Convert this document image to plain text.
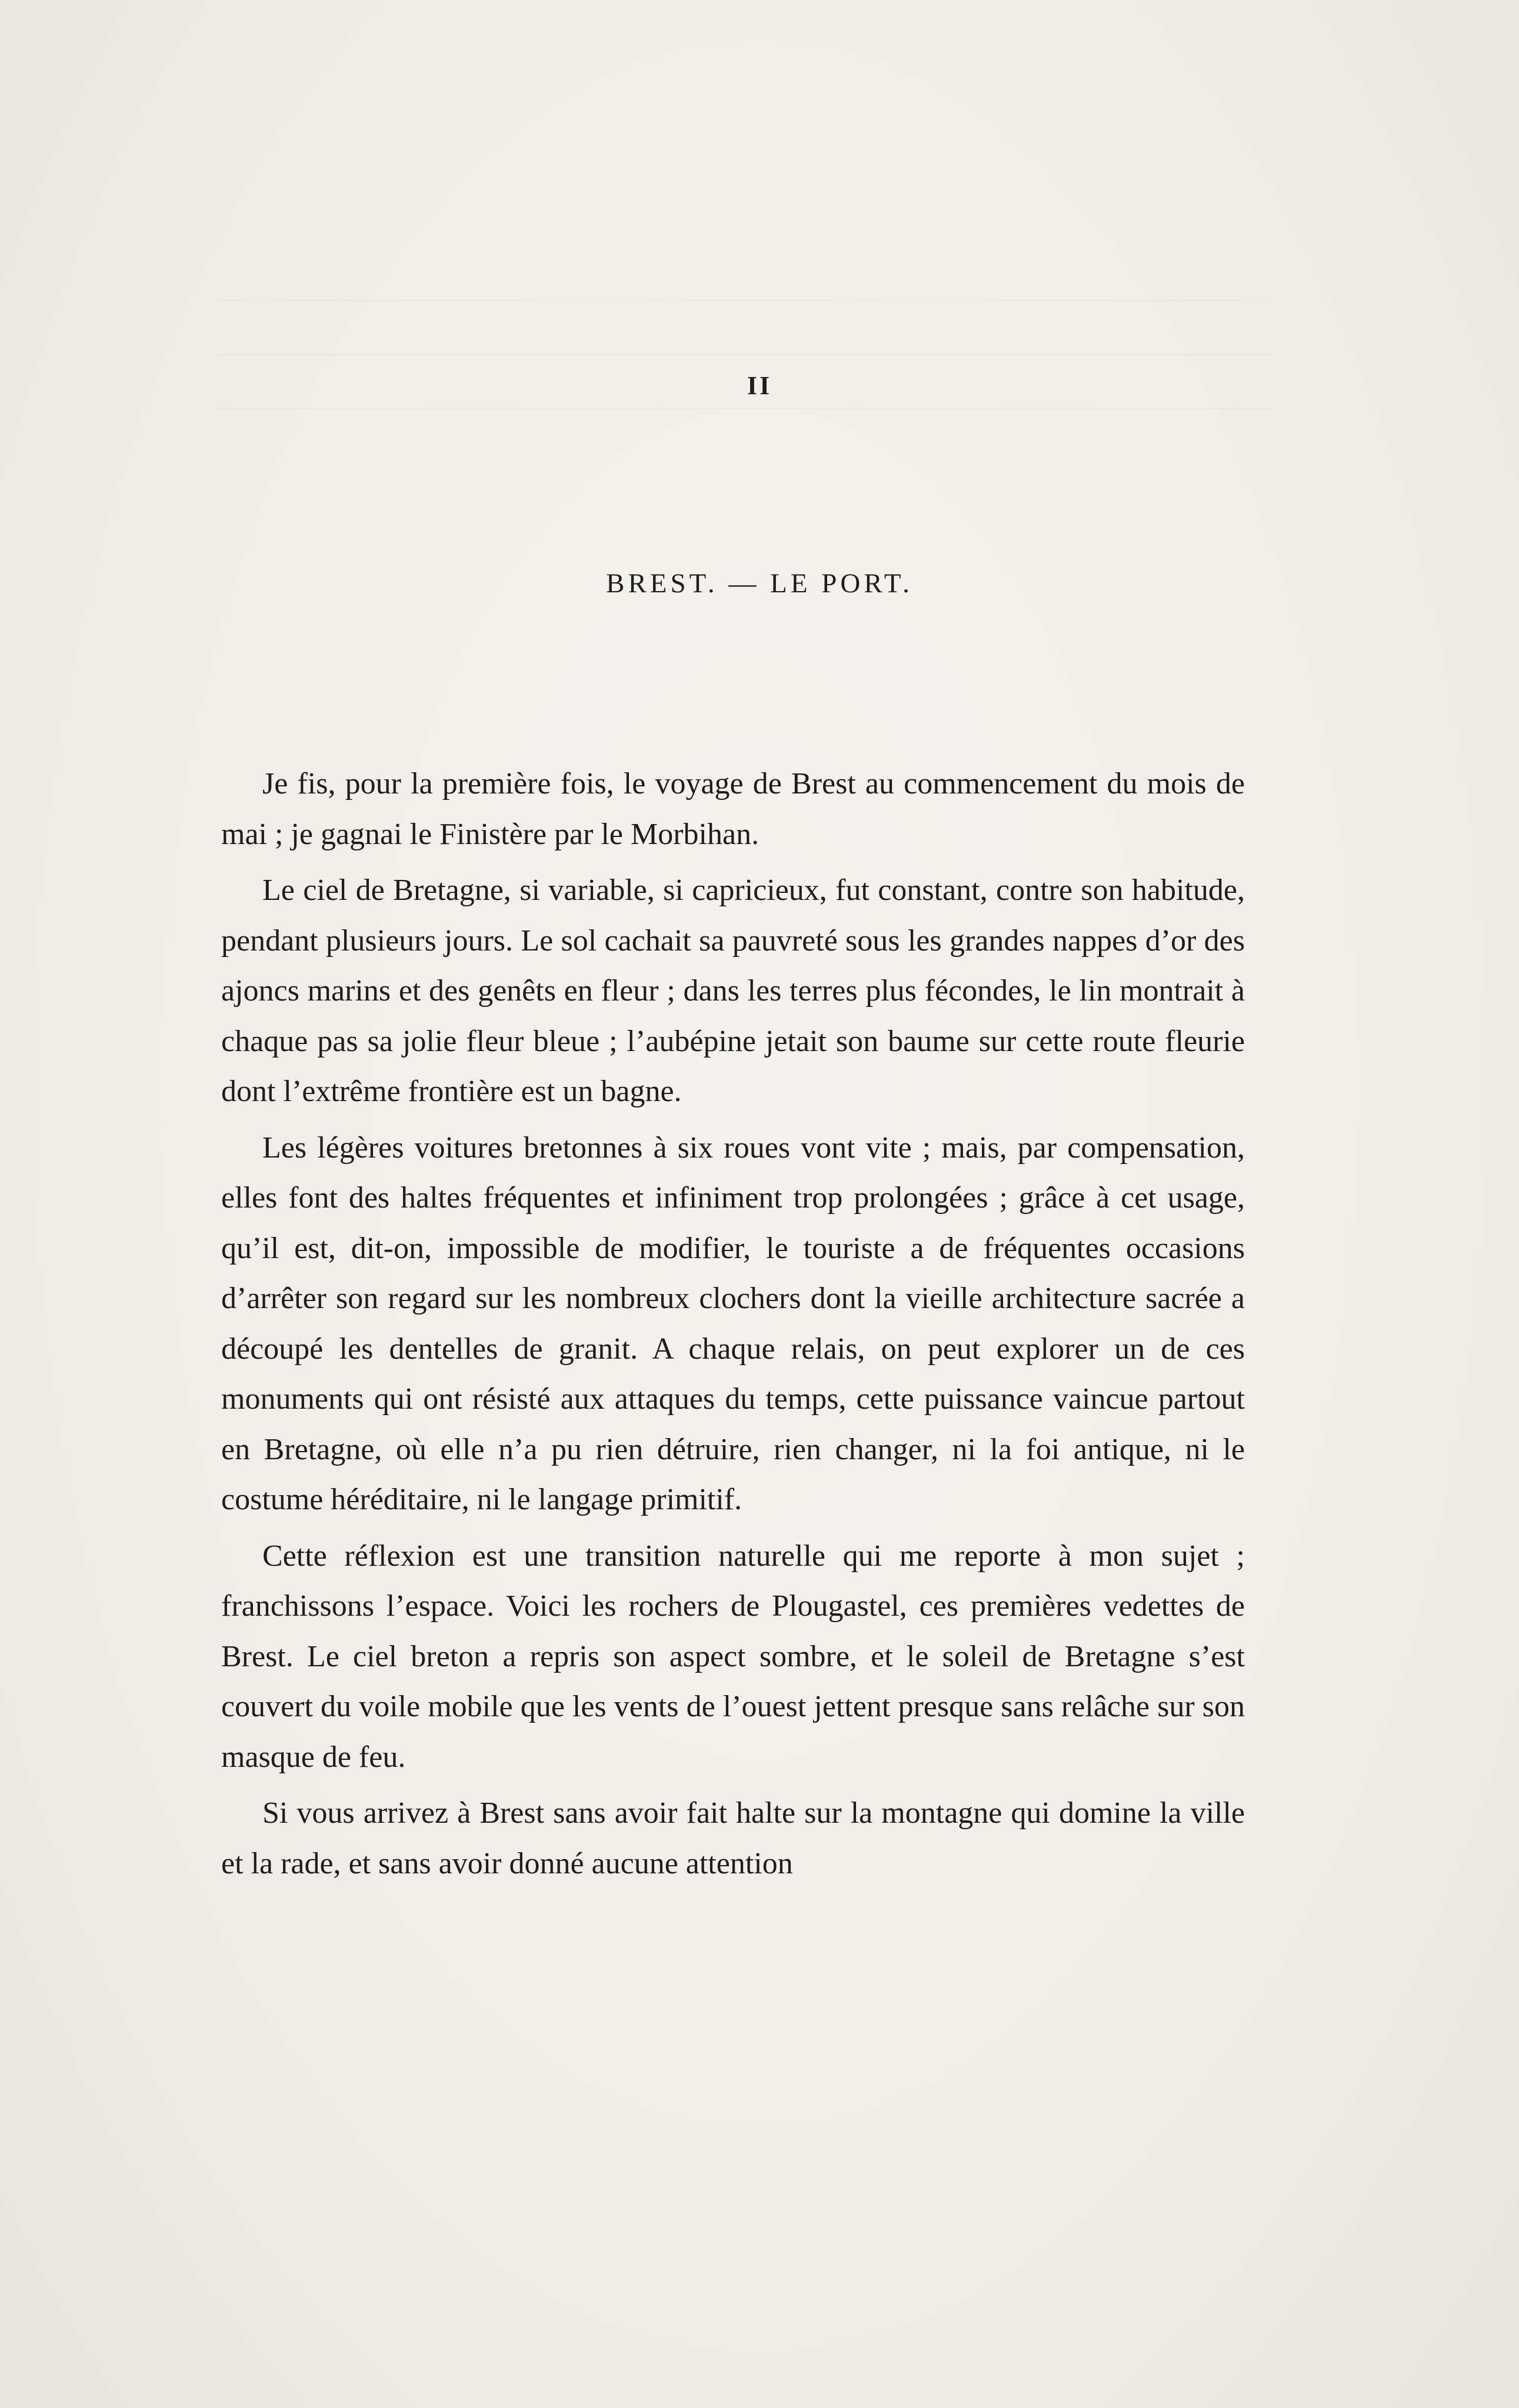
II
BREST. — LE PORT.

Je fis, pour la première fois, le voyage de Brest au commencement du mois de mai ; je gagnai le Finistère par le Morbihan.

Le ciel de Bretagne, si variable, si capricieux, fut constant, contre son habitude, pendant plusieurs jours. Le sol cachait sa pauvreté sous les grandes nappes d’or des ajoncs marins et des genêts en fleur ; dans les terres plus fécondes, le lin montrait à chaque pas sa jolie fleur bleue ; l’aubépine jetait son baume sur cette route fleurie dont l’extrême frontière est un bagne.

Les légères voitures bretonnes à six roues vont vite ; mais, par compensation, elles font des haltes fréquentes et infiniment trop prolongées ; grâce à cet usage, qu’il est, dit-on, impossible de modifier, le touriste a de fréquentes occasions d’arrêter son regard sur les nombreux clochers dont la vieille architecture sacrée a découpé les dentelles de granit. A chaque relais, on peut explorer un de ces monuments qui ont résisté aux attaques du temps, cette puissance vaincue partout en Bretagne, où elle n’a pu rien détruire, rien changer, ni la foi antique, ni le costume héréditaire, ni le langage primitif.

Cette réflexion est une transition naturelle qui me reporte à mon sujet ; franchissons l’espace. Voici les rochers de Plougastel, ces premières vedettes de Brest. Le ciel breton a repris son aspect sombre, et le soleil de Bretagne s’est couvert du voile mobile que les vents de l’ouest jettent presque sans relâche sur son masque de feu.

Si vous arrivez à Brest sans avoir fait halte sur la montagne qui domine la ville et la rade, et sans avoir donné aucune attention
